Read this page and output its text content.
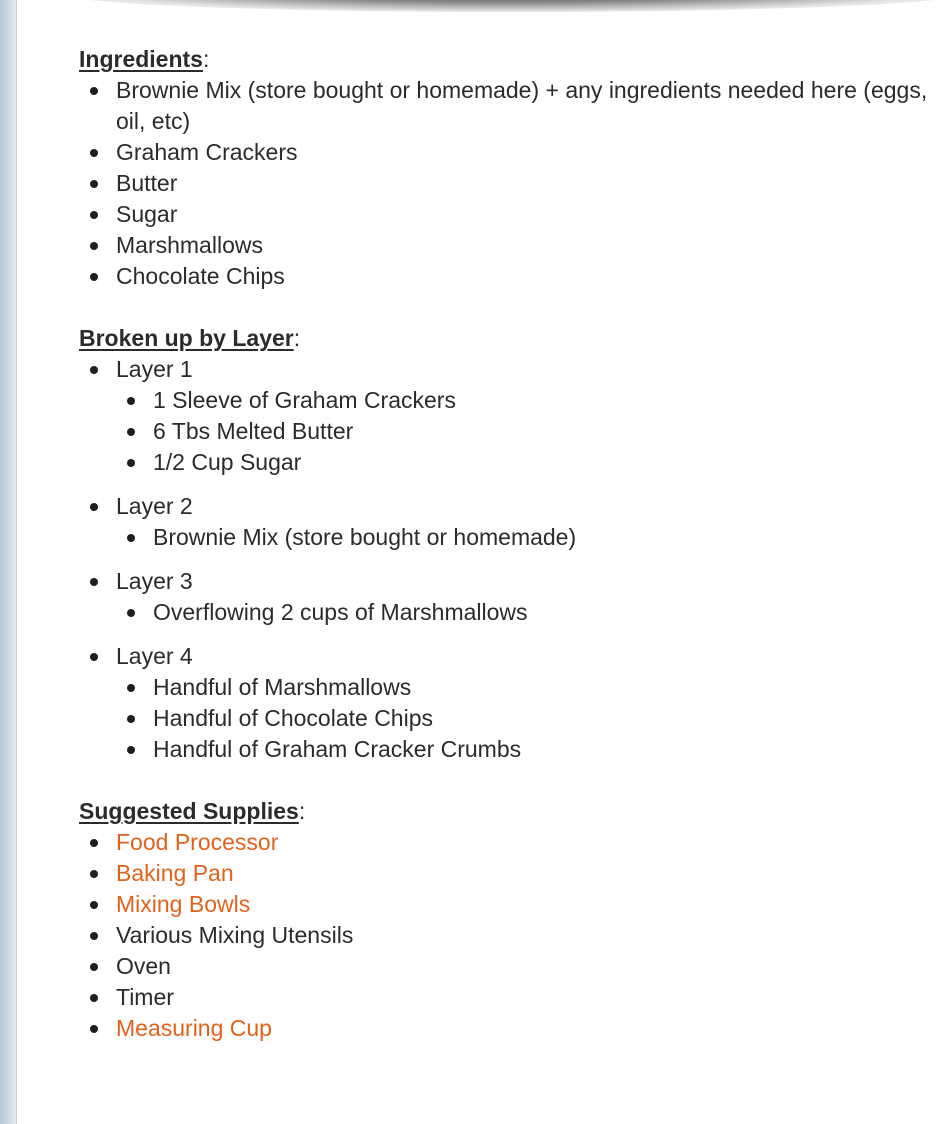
Ingredients:

Brownie Mix (store bought or homemade) + any ingredients needed here (eggs, oil, etc)
Graham Crackers
Butter
Sugar
Marshmallows
Chocolate Chips

Broken up by Layer:

Layer 1
1 Sleeve of Graham Crackers
6 Tbs Melted Butter
1/2 Cup Sugar
Layer 2
Brownie Mix (store bought or homemade)
Layer 3
Overflowing 2 cups of Marshmallows
Layer 4
Handful of Marshmallows
Handful of Chocolate Chips
Handful of Graham Cracker Crumbs

Suggested Supplies:

Food Processor
Baking Pan
Mixing Bowls
Various Mixing Utensils
Oven
Timer
Measuring Cup
